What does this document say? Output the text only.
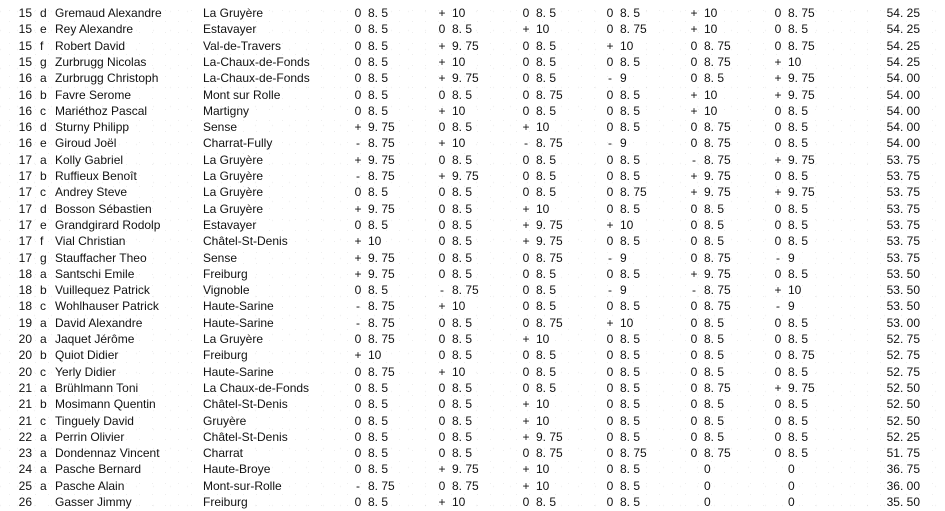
15 d Gremaud Alexandre	La Gruyère	0 8. 5	+ 10	0 8. 5	0 8. 5	+ 10	0 8. 75	54. 25
15 e Rey Alexandre	Estavayer	0 8. 5	0 8. 5	+ 10	0 8. 75	+ 10	0 8. 5	54. 25
15 f Robert David	Val-de-Travers	0 8. 5	+ 9. 75	0 8. 5	+ 10	0 8. 75	0 8. 75	54. 25
15 g Zurbrugg Nicolas	La-Chaux-de-Fonds	0 8. 5	+ 10	0 8. 5	0 8. 5	0 8. 75	+ 10	54. 25
16 a Zurbrugg Christoph	La-Chaux-de-Fonds	0 8. 5	+ 9. 75	0 8. 5	- 9	0 8. 5	+ 9. 75	54. 00
16 b Favre Serome	Mont sur Rolle	0 8. 5	0 8. 5	0 8. 75	0 8. 5	+ 10	+ 9. 75	54. 00
16 c Mariéthoz Pascal	Martigny	0 8. 5	+ 10	0 8. 5	0 8. 5	+ 10	0 8. 5	54. 00
16 d Sturny Philipp	Sense	+ 9. 75	0 8. 5	+ 10	0 8. 5	0 8. 75	0 8. 5	54. 00
16 e Giroud Joël	Charrat-Fully	- 8. 75	+ 10	- 8. 75	- 9	0 8. 75	0 8. 5	54. 00
17 a Kolly Gabriel	La Gruyère	+ 9. 75	0 8. 5	0 8. 5	0 8. 5	- 8. 75	+ 9. 75	53. 75
17 b Ruffieux Benoît	La Gruyère	- 8. 75	+ 9. 75	0 8. 5	0 8. 5	+ 9. 75	0 8. 5	53. 75
17 c Andrey Steve	La Gruyère	0 8. 5	0 8. 5	0 8. 5	0 8. 75	+ 9. 75	+ 9. 75	53. 75
17 d Bosson Sébastien	La Gruyère	+ 9. 75	0 8. 5	+ 10	0 8. 5	0 8. 5	0 8. 5	53. 75
17 e Grandgirard Rodolp	Estavayer	0 8. 5	0 8. 5	+ 9. 75	+ 10	0 8. 5	0 8. 5	53. 75
17 f Vial Christian	Châtel-St-Denis	+ 10	0 8. 5	+ 9. 75	0 8. 5	0 8. 5	0 8. 5	53. 75
17 g Stauffacher Theo	Sense	+ 9. 75	0 8. 5	0 8. 75	- 9	0 8. 75	- 9	53. 75
18 a Santschi Emile	Freiburg	+ 9. 75	0 8. 5	0 8. 5	0 8. 5	+ 9. 75	0 8. 5	53. 50
18 b Vuillequez Patrick	Vignoble	0 8. 5	- 8. 75	0 8. 5	- 9	- 8. 75	+ 10	53. 50
18 c Wohlhauser Patrick	Haute-Sarine	- 8. 75	+ 10	0 8. 5	0 8. 5	0 8. 75	- 9	53. 50
19 a David Alexandre	Haute-Sarine	- 8. 75	0 8. 5	0 8. 75	+ 10	0 8. 5	0 8. 5	53. 00
20 a Jaquet Jérôme	La Gruyère	0 8. 75	0 8. 5	+ 10	0 8. 5	0 8. 5	0 8. 5	52. 75
20 b Quiot Didier	Freiburg	+ 10	0 8. 5	0 8. 5	0 8. 5	0 8. 5	0 8. 75	52. 75
20 c Yerly Didier	Haute-Sarine	0 8. 75	+ 10	0 8. 5	0 8. 5	0 8. 5	0 8. 5	52. 75
21 a Brühlmann Toni	La Chaux-de-Fonds	0 8. 5	0 8. 5	0 8. 5	0 8. 5	0 8. 75	+ 9. 75	52. 50
21 b Mosimann Quentin	Châtel-St-Denis	0 8. 5	0 8. 5	+ 10	0 8. 5	0 8. 5	0 8. 5	52. 50
21 c Tinguely David	Gruyère	0 8. 5	0 8. 5	+ 10	0 8. 5	0 8. 5	0 8. 5	52. 50
22 a Perrin Olivier	Châtel-St-Denis	0 8. 5	0 8. 5	+ 9. 75	0 8. 5	0 8. 5	0 8. 5	52. 25
23 a Dondennaz Vincent	Charrat	0 8. 5	0 8. 5	0 8. 75	0 8. 75	0 8. 75	0 8. 5	51. 75
24 a Pasche Bernard	Haute-Broye	0 8. 5	+ 9. 75	+ 10	0 8. 5	0	0	36. 75
25 a Pasche Alain	Mont-sur-Rolle	- 8. 75	0 8. 75	+ 10	0 8. 5	0	0	36. 00
26 Gasser Jimmy	Freiburg	0 8. 5	+ 10	0 8. 5	0 8. 5	0	0	35. 50
